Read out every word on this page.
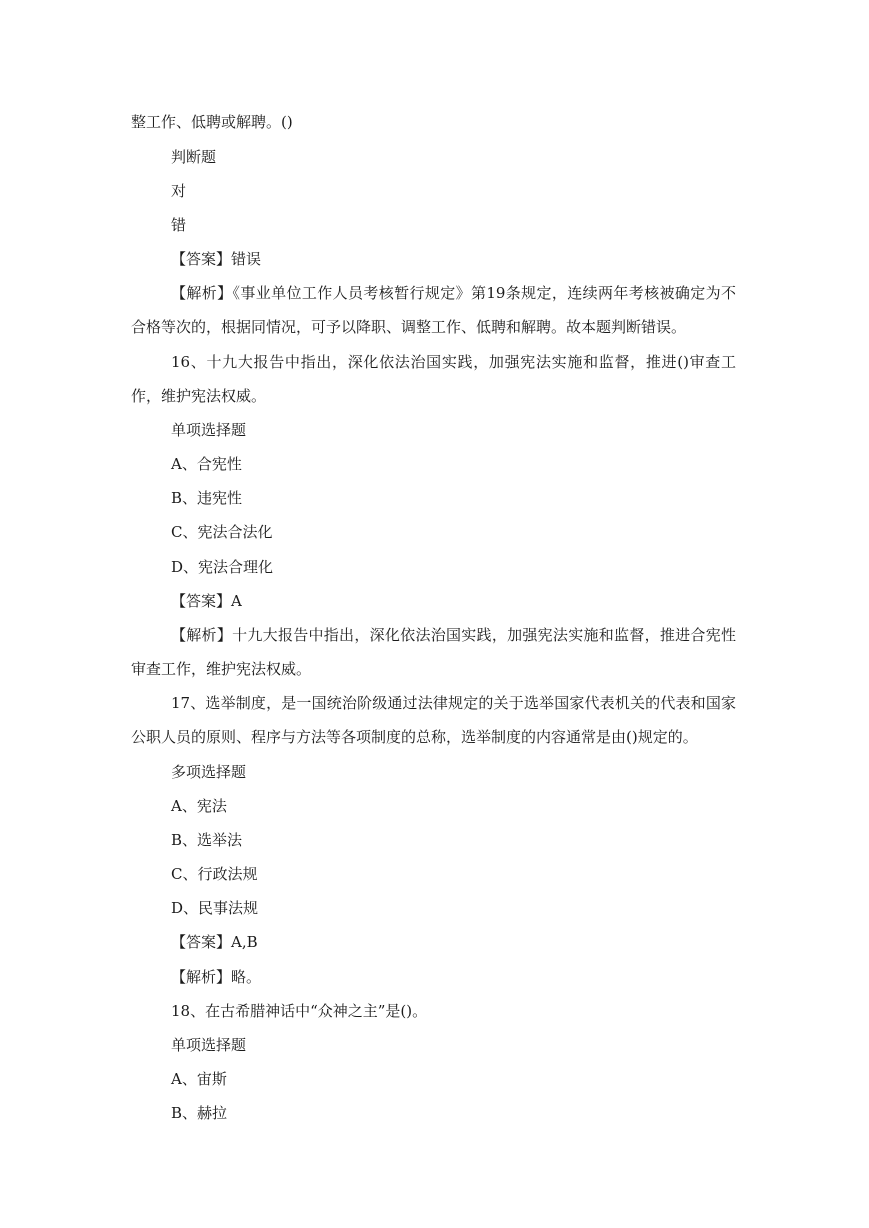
整工作、低聘或解聘。()
判断题
对
错
【答案】错误
【解析】《事业单位工作人员考核暂行规定》第19条规定，连续两年考核被确定为不
合格等次的，根据同情况，可予以降职、调整工作、低聘和解聘。故本题判断错误。
16、十九大报告中指出，深化依法治国实践，加强宪法实施和监督，推进()审查工
作，维护宪法权威。
单项选择题
A、合宪性
B、违宪性
C、宪法合法化
D、宪法合理化
【答案】A
【解析】十九大报告中指出，深化依法治国实践，加强宪法实施和监督，推进合宪性
审查工作，维护宪法权威。
17、选举制度，是一国统治阶级通过法律规定的关于选举国家代表机关的代表和国家
公职人员的原则、程序与方法等各项制度的总称，选举制度的内容通常是由()规定的。
多项选择题
A、宪法
B、选举法
C、行政法规
D、民事法规
【答案】A,B
【解析】略。
18、在古希腊神话中“众神之主”是()。
单项选择题
A、宙斯
B、赫拉
